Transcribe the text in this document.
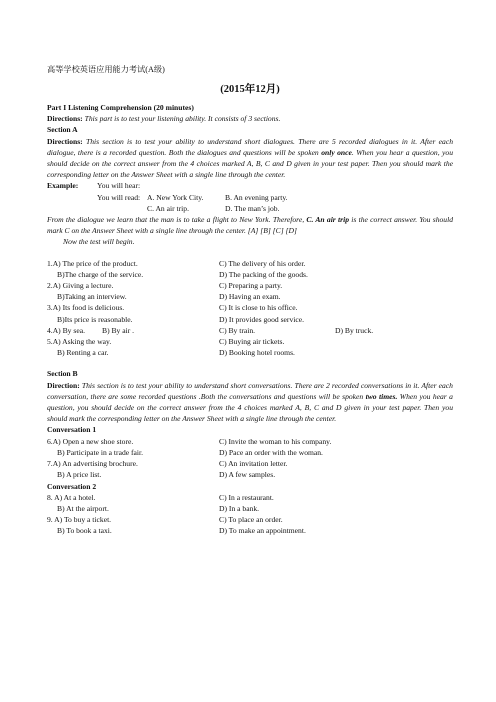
高等学校英语应用能力考试(A级)
(2015年12月)
Part I Listening Comprehension (20 minutes)
Directions: This part is to test your listening ability. It consists of 3 sections.
Section A
Directions: This section is to test your ability to understand short dialogues. There are 5 recorded dialogues in it. After each dialogue, there is a recorded question. Both the dialogues and questions will be spoken only once. When you hear a question, you should decide on the correct answer from the 4 choices marked A, B, C and D given in your test paper. Then you should mark the corresponding letter on the Answer Sheet with a single line through the center.
Example:	You will hear:
You will read: A. New York City.	B. An evening party.
C. An air trip.	D. The man’s job.
From the dialogue we learn that the man is to take a flight to New York. Therefore, C. An air trip is the correct answer. You should mark C on the Answer Sheet with a single line through the center. [A] [B] [C] [D]
Now the test will begin.
1.A) The price of the product.	C) The delivery of his order.
B)The charge of the service.	D) The packing of the goods.
2.A) Giving a lecture.	C) Preparing a party.
B)Taking an interview.	D) Having an exam.
3.A) Its food is delicious.	C) It is close to his office.
B)Its price is reasonable.	D) It provides good service.
4.A) By sea.	B) By air .	C) By train.	D) By truck.
5.A) Asking the way.	C) Buying air tickets.
B) Renting a car.	D) Booking hotel rooms.
Section B
Direction: This section is to test your ability to understand short conversations. There are 2 recorded conversations in it. After each conversation, there are some recorded questions .Both the conversations and questions will be spoken two times. When you hear a question, you should decide on the correct answer from the 4 choices marked A, B, C and D given in your test paper. Then you should mark the corresponding letter on the Answer Sheet with a single line through the center.
Conversation 1
6.A) Open a new shoe store.	C) Invite the woman to his company.
B) Participate in a trade fair.	D) Pace an order with the woman.
7.A) An advertising brochure.	C) An invitation letter.
B) A price list.	D) A few samples.
Conversation 2
8. A) At a hotel.	C) In a restaurant.
B) At the airport.	D) In a bank.
9. A) To buy a ticket.	C) To place an order.
B) To book a taxi.	D) To make an appointment.
